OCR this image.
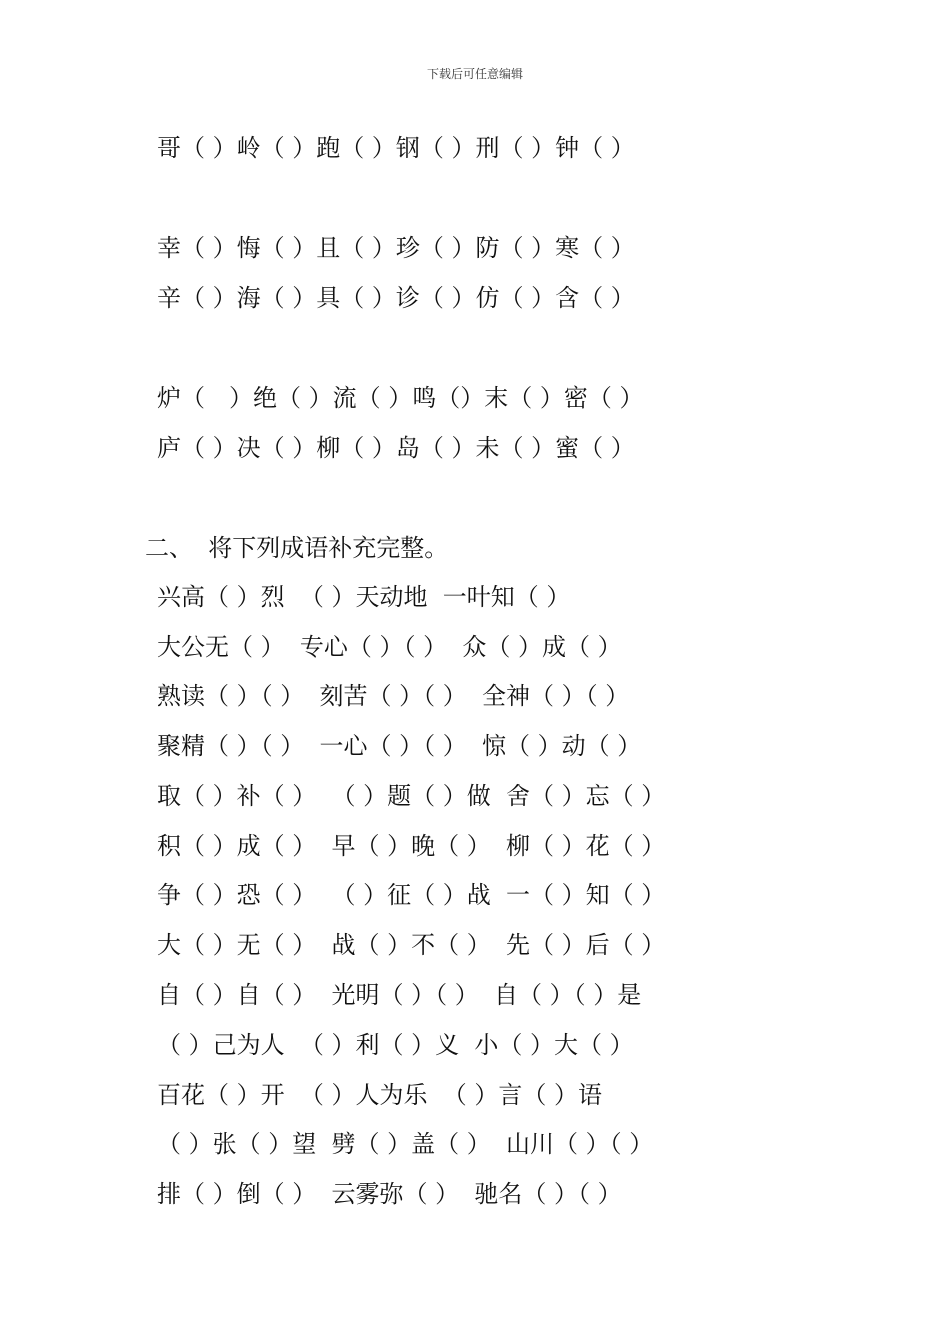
下载后可任意编辑
哥（ ）岭（ ）跑（ ）钢（ ）刑（ ）钟（ ）
幸（ ）悔（ ）且（ ）珍（ ）防（ ）寒（ ）
辛（ ）海（ ）具（ ）诊（ ）仿（ ）含（ ）
炉（　）绝（ ）流（ ）鸣（）末（ ）密（ ）
庐（ ）决（ ）柳（ ）岛（ ）未（ ）蜜（ ）
二、  将下列成语补充完整。
兴高（ ）烈  （ ）天动地  一叶知（ ）
大公无（ ）  专心（ ）（ ）  众（ ）成（ ）
熟读（ ）（ ）  刻苦（ ）（ ）  全神（ ）（ ）
聚精（ ）（ ）  一心（ ）（ ）  惊（ ）动（ ）
取（ ）补（ ）  （ ）题（ ）做  舍（ ）忘（ ）
积（ ）成（ ）  早（ ）晚（ ）  柳（ ）花（ ）
争（ ）恐（ ）  （ ）征（ ）战  一（ ）知（ ）
大（ ）无（ ）  战（ ）不（ ）  先（ ）后（ ）
自（ ）自（ ）  光明（ ）（ ）  自（ ）（ ）是
（ ）己为人  （ ）利（ ）义  小（ ）大（ ）
百花（ ）开  （ ）人为乐  （ ）言（ ）语
（ ）张（ ）望  劈（ ）盖（ ）  山川（ ）（ ）
排（ ）倒（ ）  云雾弥（ ）  驰名（ ）（ ）
